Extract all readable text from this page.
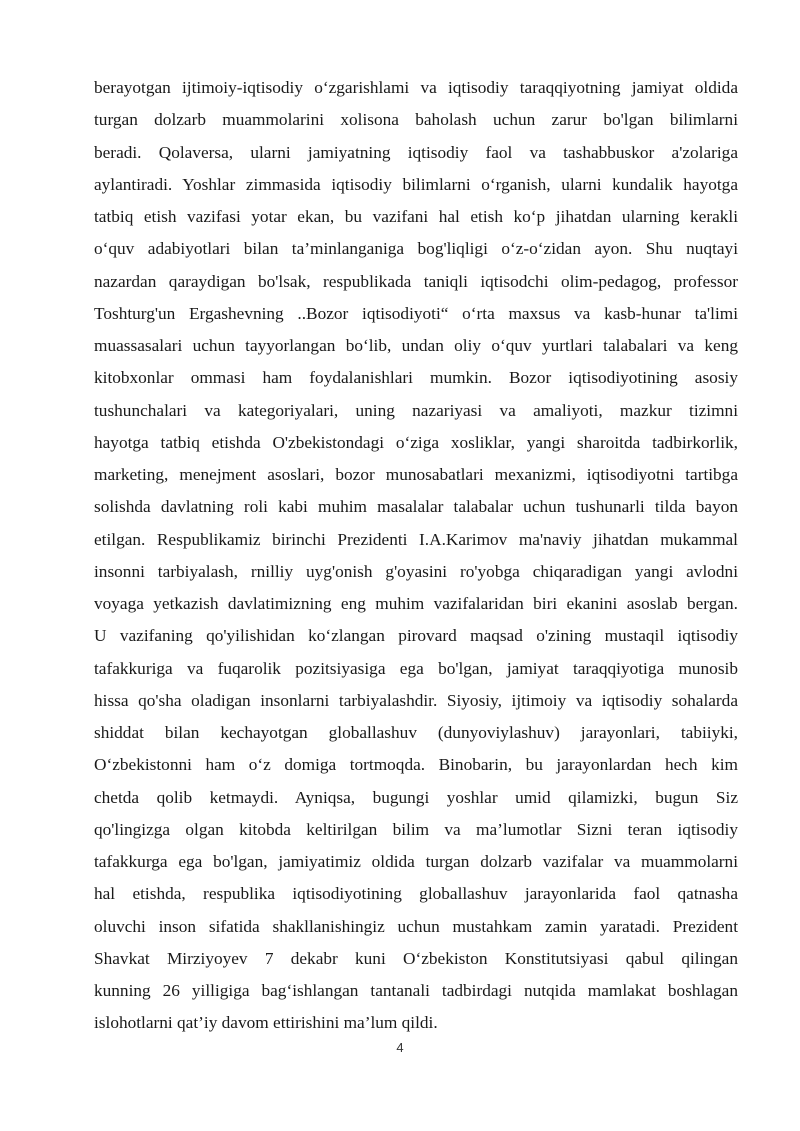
berayotgan ijtimoiy-iqtisodiy o‘zgarishlami va iqtisodiy taraqqiyotning jamiyat oldida
turgan dolzarb muammolarini xolisona baholash uchun zarur bo'lgan bilimlarni
beradi. Qolaversa, ularni jamiyatning iqtisodiy faol va tashabbuskor a'zolariga
aylantiradi. Yoshlar zimmasida iqtisodiy bilimlarni o‘rganish, ularni kundalik hayotga
tatbiq etish vazifasi yotar ekan, bu vazifani hal etish ko‘p jihatdan ularning kerakli
o‘quv adabiyotlari bilan ta’minlanganiga bog'liqligi o‘z-o‘zidan ayon. Shu nuqtayi
nazardan qaraydigan bo'lsak, respublikada taniqli iqtisodchi olim-pedagog, professor
Toshturg'un Ergashevning ..Bozor iqtisodiyoti“ o‘rta maxsus va kasb-hunar ta'limi
muassasalari uchun tayyorlangan bo‘lib, undan oliy o‘quv yurtlari talabalari va keng
kitobxonlar ommasi ham foydalanishlari mumkin. Bozor iqtisodiyotining asosiy
tushunchalari va kategoriyalari, uning nazariyasi va amaliyoti, mazkur tizimni
hayotga tatbiq etishda O'zbekistondagi o‘ziga xosliklar, yangi sharoitda tadbirkorlik,
marketing, menejment asoslari, bozor munosabatlari mexanizmi, iqtisodiyotni tartibga
solishda davlatning roli kabi muhim masalalar talabalar uchun tushunarli tilda bayon
etilgan. Respublikamiz birinchi Prezidenti I.A.Karimov ma'naviy jihatdan mukammal
insonni tarbiyalash, rnilliy uyg'onish g'oyasini ro'yobga chiqaradigan yangi avlodni
voyaga yetkazish davlatimizning eng muhim vazifalaridan biri ekanini asoslab bergan.
U vazifaning qo'yilishidan ko‘zlangan pirovard maqsad o'zining mustaqil iqtisodiy
tafakkuriga va fuqarolik pozitsiyasiga ega bo'lgan, jamiyat taraqqiyotiga munosib
hissa qo'sha oladigan insonlarni tarbiyalashdir. Siyosiy, ijtimoiy va iqtisodiy sohalarda
shiddat bilan kechayotgan globallashuv (dunyoviylashuv) jarayonlari, tabiiyki,
O‘zbekistonni ham o‘z domiga tortmoqda. Binobarin, bu jarayonlardan hech kim
chetda qolib ketmaydi. Ayniqsa, bugungi yoshlar umid qilamizki, bugun Siz
qo'lingizga olgan kitobda keltirilgan bilim va ma’lumotlar Sizni teran iqtisodiy
tafakkurga ega bo'lgan, jamiyatimiz oldida turgan dolzarb vazifalar va muammolarni
hal etishda, respublika iqtisodiyotining globallashuv jarayonlarida faol qatnasha
oluvchi inson sifatida shakllanishingiz uchun mustahkam zamin yaratadi. Prezident
Shavkat Mirziyoyev 7 dekabr kuni O‘zbekiston Konstitutsiyasi qabul qilingan
kunning 26 yilligiga bag‘ishlangan tantanali tadbirdagi nutqida mamlakat boshlagan
islohotlarni qat’iy davom ettirishini ma’lum qildi.
4
